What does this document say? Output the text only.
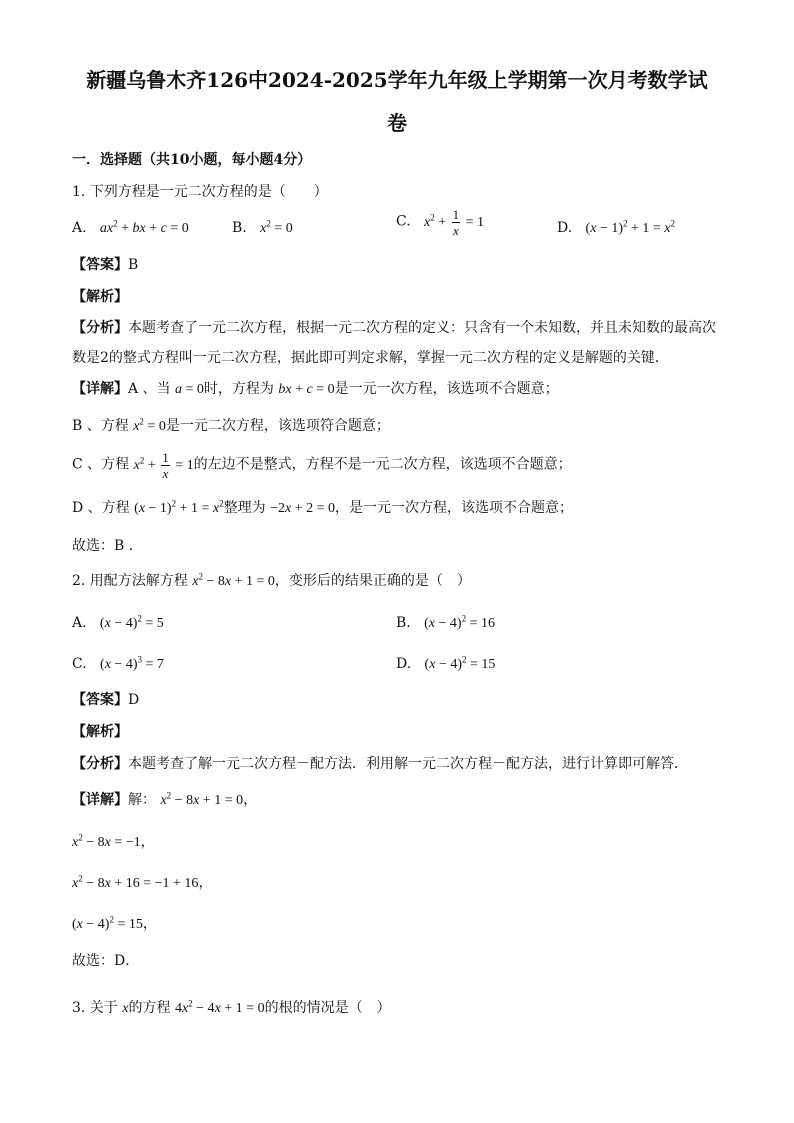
新疆乌鲁木齐126中2024-2025学年九年级上学期第一次月考数学试
卷
一．选择题（共10小题，每小题4分）
1. 下列方程是一元二次方程的是（　　）
A. $ax^2$ + bx + c = 0	B. $x^2 = 0$	C. $x^2 + \frac{1}{x} = 1$	D. $(x - 1)^2 + 1 = x^2$
【答案】B
【解析】
【分析】本题考查了一元二次方程，根据一元二次方程的定义：只含有一个未知数，并且未知数的最高次
数是2的整式方程叫一元二次方程，据此即可判定求解，掌握一元二次方程的定义是解题的关键．
【详解】A 、当 a = 0时，方程为 bx + c = 0是一元一次方程，该选项不合题意；
B 、方程 $x^2 = 0$是一元二次方程，该选项符合题意；
C 、方程 $x^2 + \frac{1}{x} = 1$的左边不是整式，方程不是一元二次方程，该选项不合题意；
D 、方程 $(x - 1)^2 + 1 = x^2$整理为 −2x + 2 = 0，是一元一次方程，该选项不合题意；
故选：B ．
2. 用配方法解方程 $x^2 - 8x + 1 = 0$，变形后的结果正确的是（　）
A. $(x - 4)^2 = 5$	B. $(x - 4)^2 = 16$
C. $(x - 4)^3 = 7$	D. $(x - 4)^2 = 15$
【答案】D
【解析】
【分析】本题考查了解一元二次方程－配方法．利用解一元二次方程－配方法，进行计算即可解答．
【详解】解： $x^2 - 8x + 1 = 0$，
$x^2 - 8x = -1$，
$x^2 - 8x + 16 = -1 + 16$，
$(x - 4)^2 = 15$，
故选：D．
3. 关于 x的方程 $4x^2 - 4x + 1 = 0$的根的情况是（　）
